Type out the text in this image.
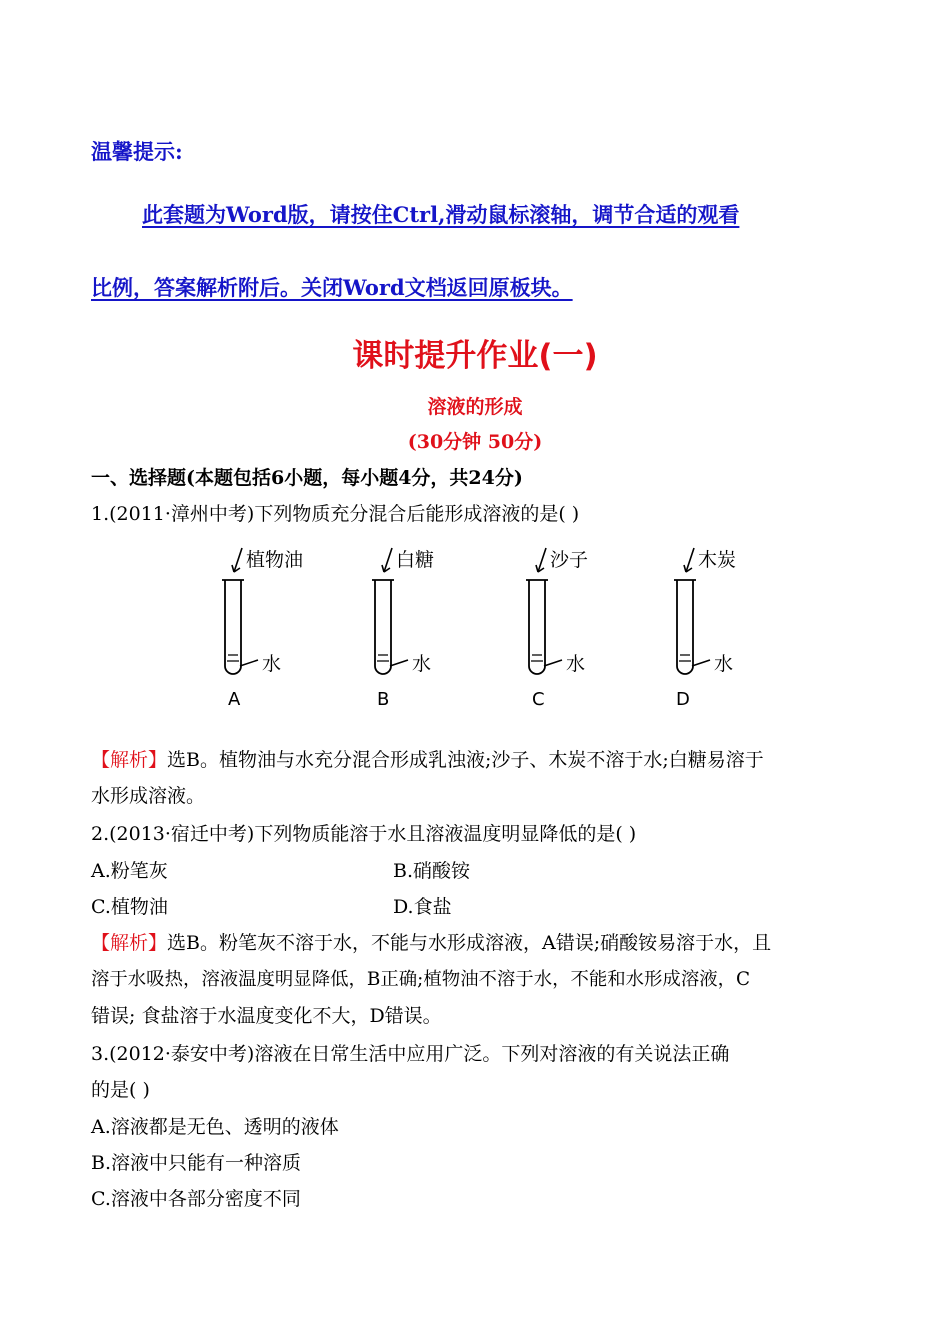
温馨提示:
此套题为Word版，请按住Ctrl,滑动鼠标滚轴，调节合适的观看
比例，答案解析附后。关闭Word文档返回原板块。
课时提升作业(一)
溶液的形成
(30分钟 50分)
一、选择题(本题包括6小题，每小题4分，共24分)
1.(2011·漳州中考)下列物质充分混合后能形成溶液的是( )
植物油
水
A
白糖
水
B
沙子
水
C
木炭
水
D
【解析】选B。植物油与水充分混合形成乳浊液;沙子、木炭不溶于水;白糖易溶于
水形成溶液。
2.(2013·宿迁中考)下列物质能溶于水且溶液温度明显降低的是( )
A.粉笔灰	B.硝酸铵
C.植物油	D.食盐
【解析】选B。粉笔灰不溶于水，不能与水形成溶液，A错误;硝酸铵易溶于水，且
溶于水吸热，溶液温度明显降低，B正确;植物油不溶于水，不能和水形成溶液，C
错误; 食盐溶于水温度变化不大，D错误。
3.(2012·泰安中考)溶液在日常生活中应用广泛。下列对溶液的有关说法正确
的是( )
A.溶液都是无色、透明的液体
B.溶液中只能有一种溶质
C.溶液中各部分密度不同
